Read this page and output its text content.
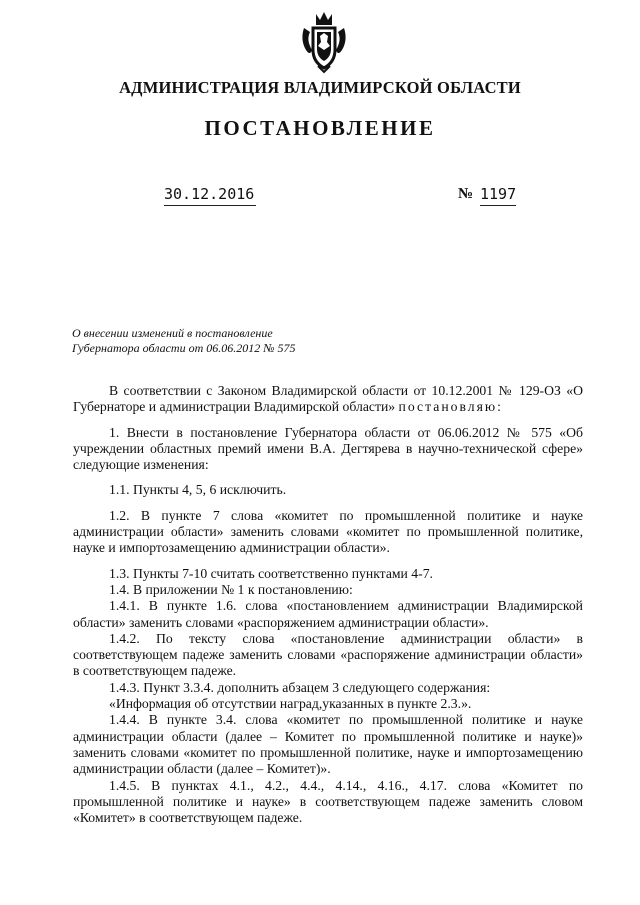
АДМИНИСТРАЦИЯ ВЛАДИМИРСКОЙ ОБЛАСТИ
ПОСТАНОВЛЕНИЕ
30.12.2016	№ 1197
О внесении изменений в постановление
Губернатора области от 06.06.2012 № 575

В соответствии с Законом Владимирской области от 10.12.2001 № 129-ОЗ «О Губернаторе и администрации Владимирской области» постановляю:

1. Внести в постановление Губернатора области от 06.06.2012 № 575 «Об учреждении областных премий имени В.А. Дегтярева в научно-технической сфере» следующие изменения:

1.1. Пункты 4, 5, 6 исключить.

1.2. В пункте 7 слова «комитет по промышленной политике и науке администрации области» заменить словами «комитет по промышленной политике, науке и импортозамещению администрации области».

1.3. Пункты 7-10 считать соответственно пунктами 4-7.

1.4. В приложении № 1 к постановлению:

1.4.1. В пункте 1.6. слова «постановлением администрации Владимирской области» заменить словами «распоряжением администрации области».

1.4.2. По тексту слова «постановление администрации области» в соответствующем падеже заменить словами «распоряжение администрации области» в соответствующем падеже.

1.4.3. Пункт 3.3.4. дополнить абзацем 3 следующего содержания:

«Информация об отсутствии наград,указанных в пункте 2.3.».

1.4.4. В пункте 3.4. слова «комитет по промышленной политике и науке администрации области (далее – Комитет по промышленной политике и науке)» заменить словами «комитет по промышленной политике, науке и импортозамещению администрации области (далее – Комитет)».

1.4.5. В пунктах 4.1., 4.2., 4.4., 4.14., 4.16., 4.17. слова «Комитет по промышленной политике и науке» в соответствующем падеже заменить словом «Комитет» в соответствующем падеже.
